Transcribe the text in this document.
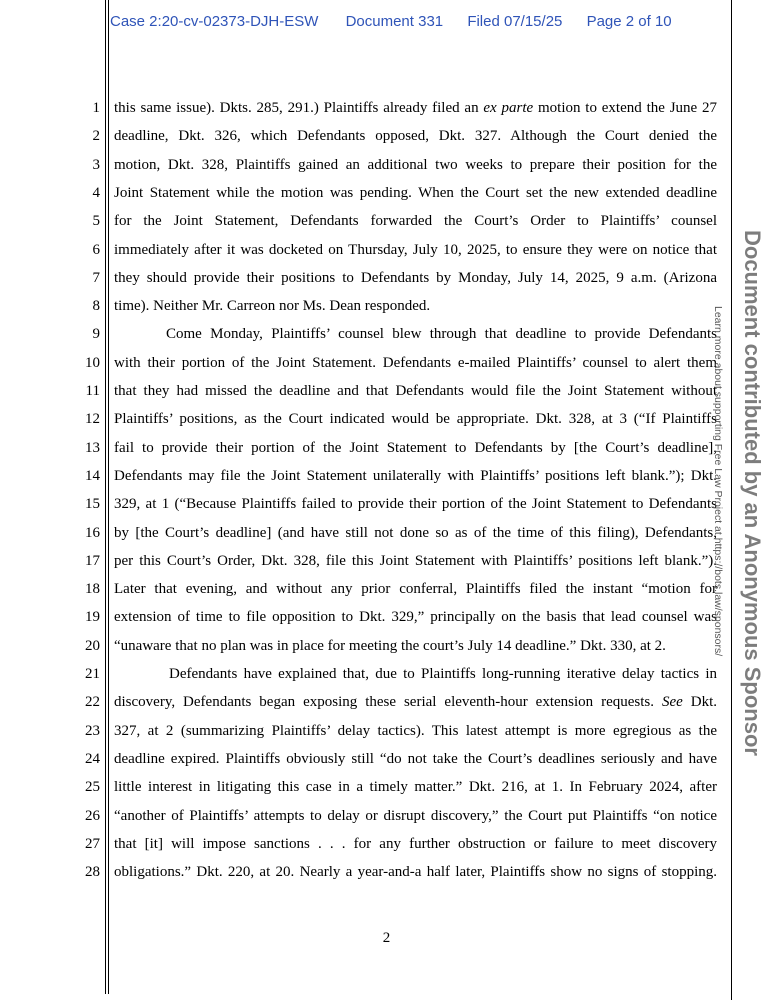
Case 2:20-cv-02373-DJH-ESW Document 331 Filed 07/15/25 Page 2 of 10
1
2
3
4
5
6
7
8
9
10
11
12
13
14
15
16
17
18
19
20
21
22
23
24
25
26
27
28
this same issue). Dkts. 285, 291.) Plaintiffs already filed an ex parte motion to extend the June 27
deadline, Dkt. 326, which Defendants opposed, Dkt. 327. Although the Court denied the
motion, Dkt. 328, Plaintiffs gained an additional two weeks to prepare their position for the
Joint Statement while the motion was pending. When the Court set the new extended deadline
for the Joint Statement, Defendants forwarded the Court’s Order to Plaintiffs’ counsel
immediately after it was docketed on Thursday, July 10, 2025, to ensure they were on notice that
they should provide their positions to Defendants by Monday, July 14, 2025, 9 a.m. (Arizona
time). Neither Mr. Carreon nor Ms. Dean responded.
Come Monday, Plaintiffs’ counsel blew through that deadline to provide Defendants
with their portion of the Joint Statement. Defendants e-mailed Plaintiffs’ counsel to alert them
that they had missed the deadline and that Defendants would file the Joint Statement without
Plaintiffs’ positions, as the Court indicated would be appropriate. Dkt. 328, at 3 (“If Plaintiffs
fail to provide their portion of the Joint Statement to Defendants by [the Court’s deadline],
Defendants may file the Joint Statement unilaterally with Plaintiffs’ positions left blank.”); Dkt.
329, at 1 (“Because Plaintiffs failed to provide their portion of the Joint Statement to Defendants
by [the Court’s deadline] (and have still not done so as of the time of this filing), Defendants,
per this Court’s Order, Dkt. 328, file this Joint Statement with Plaintiffs’ positions left blank.”).
Later that evening, and without any prior conferral, Plaintiffs filed the instant “motion for
extension of time to file opposition to Dkt. 329,” principally on the basis that lead counsel was
“unaware that no plan was in place for meeting the court’s July 14 deadline.” Dkt. 330, at 2.
Defendants have explained that, due to Plaintiffs long-running iterative delay tactics in
discovery, Defendants began exposing these serial eleventh-hour extension requests. See Dkt.
327, at 2 (summarizing Plaintiffs’ delay tactics). This latest attempt is more egregious as the
deadline expired. Plaintiffs obviously still “do not take the Court’s deadlines seriously and have
little interest in litigating this case in a timely matter.” Dkt. 216, at 1. In February 2024, after
“another of Plaintiffs’ attempts to delay or disrupt discovery,” the Court put Plaintiffs “on notice
that [it] will impose sanctions . . . for any further obstruction or failure to meet discovery
obligations.” Dkt. 220, at 20. Nearly a year-and-a half later, Plaintiffs show no signs of stopping.
2
Document contributed by an Anonymous Sponsor
Learn more about supporting Free Law Project at https://bots.law/sponsors/
